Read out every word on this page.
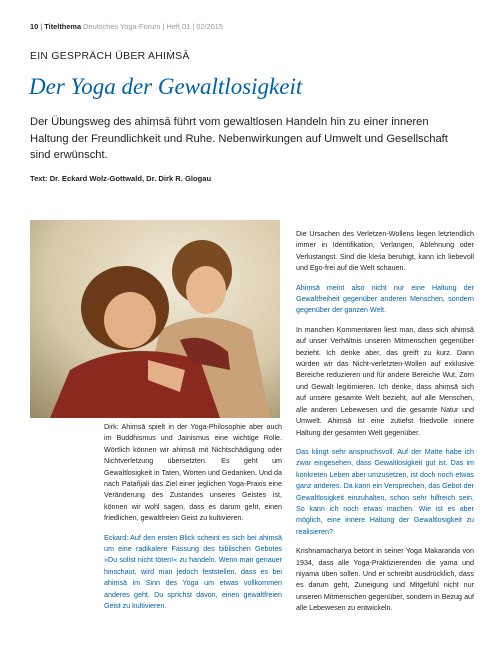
10 | Titelthema Deutsches Yoga-Forum | Heft 01 | 02/2015
EIN GESPRÄCH ÜBER AHIṀSĀ
Der Yoga der Gewaltlosigkeit
Der Übungsweg des ahiṃsā führt vom gewaltlosen Handeln hin zu einer inneren
Haltung der Freundlichkeit und Ruhe. Nebenwirkungen auf Umwelt und Gesellschaft
sind erwünscht.
Text: Dr. Eckard Wolz-Gottwald, Dr. Dirk R. Glogau

Dirk: Ahiṃsā spielt in der Yoga-Philosophie aber auch im Buddhismus und Jainismus eine wichtige Rolle. Wörtlich können wir ahiṃsā mit Nichtschädigung oder Nichtverletzung übersetzten. Es geht um Gewaltlosigkeit in Taten, Worten und Gedanken. Und da nach Patañjali das Ziel einer jeglichen Yoga-Praxis eine Veränderung des Zustandes unseres Geistes ist, können wir wohl sagen, dass es darum geht, einen friedlichen, gewaltfreien Geist zu kultivieren.

Eckard: Auf den ersten Blick scheint es sich bei ahiṃsā um eine radikalere Fassung des biblischen Gebotes »Du sollst nicht töten!« zu handeln. Wenn man genauer hinschaut, wird man jedoch feststellen, dass es bei ahiṃsā im Sinn des Yoga um etwas vollkommen anderes geht. Du sprichst davon, einen gewaltfreien Geist zu kultivieren.

Die Ursachen des Verletzen-Wollens liegen letztendlich immer in Identifikation, Verlangen, Ablehnung oder Verlustangst. Sind die kleśa beruhigt, kann ich liebevoll und Ego-frei auf die Welt schauen.

Ahiṃsā meint also nicht nur eine Haltung der Gewaltfreiheit gegenüber anderen Menschen, sondern gegenüber der ganzen Welt.

In manchen Kommentaren liest man, dass sich ahiṃsā auf unser Verhältnis unseren Mitmenschen gegenüber bezieht. Ich denke aber, das greift zu kurz. Dann würden wir das Nicht-verletzten-Wollen auf exklusive Bereiche reduzieren und für andere Bereiche Wut, Zorn und Gewalt legitimieren. Ich denke, dass ahiṃsā sich auf unsere gesamte Welt bezieht, auf alle Menschen, alle anderen Lebewesen und die gesamte Natur und Umwelt. Ahiṃsā ist eine zutiefst friedvolle innere Haltung der gesamten Welt gegenüber.

Das klingt sehr anspruchsvoll. Auf der Matte habe ich zwar eingesehen, dass Gewaltlosigkeit gut ist. Das im konkreten Leben aber umzusetzen, ist doch noch etwas ganz anderes. Da kann ein Versprechen, das Gebot der Gewaltlosigkeit einzuhalten, schon sehr hilfreich sein. So kann ich noch etwas machen. Wie ist es aber möglich, eine innere Haltung der Gewaltlosigkeit zu realisieren?

Krishnamacharya betont in seiner Yoga Makaranda von 1934, dass alle Yoga-Praktizierenden die yama und niyama üben sollen. Und er schreibt ausdrücklich, dass es darum geht, Zuneigung und Mitgefühl nicht nur unseren Mitmenschen gegenüber, sondern in Bezug auf alle Lebewesen zu entwickeln.
